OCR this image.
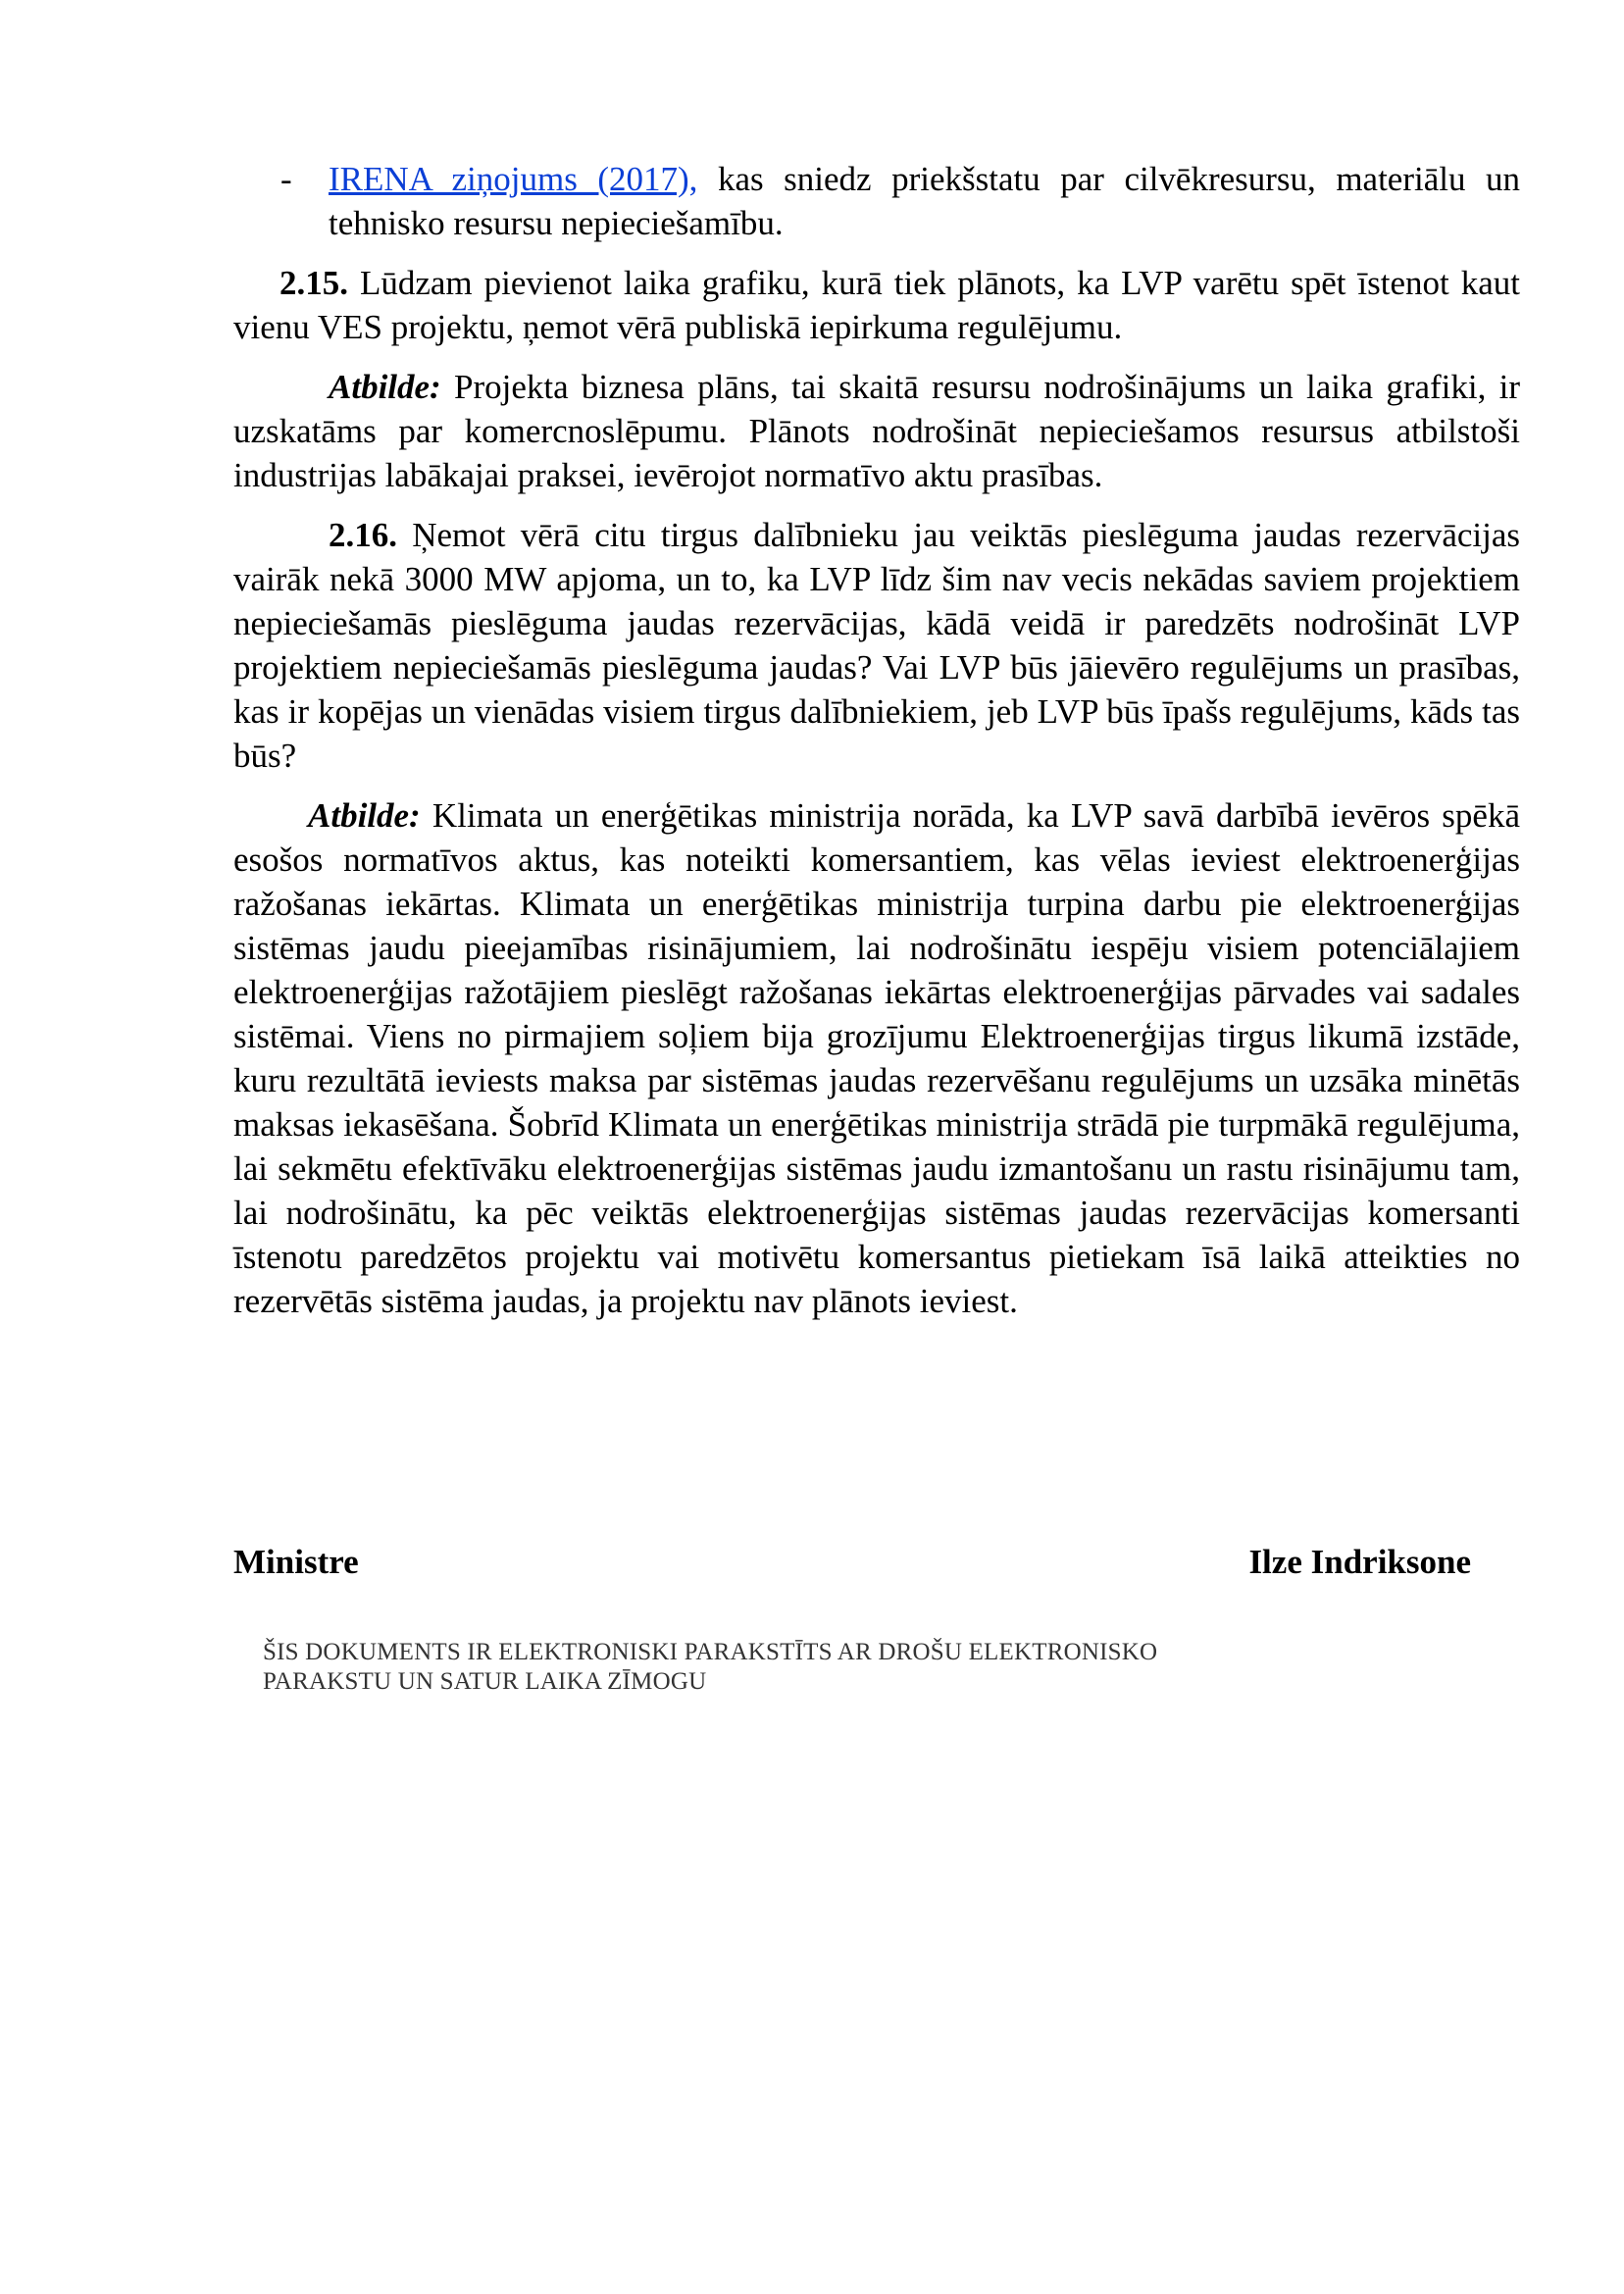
- IRENA ziņojums (2017), kas sniedz priekšstatu par cilvēkresursu, materiālu un tehnisko resursu nepieciešamību.

2.15. Lūdzam pievienot laika grafiku, kurā tiek plānots, ka LVP varētu spēt īstenot kaut vienu VES projektu, ņemot vērā publiskā iepirkuma regulējumu.

Atbilde: Projekta biznesa plāns, tai skaitā resursu nodrošinājums un laika grafiki, ir uzskatāms par komercnoslēpumu. Plānots nodrošināt nepieciešamos resursus atbilstoši industrijas labākajai praksei, ievērojot normatīvo aktu prasības.

2.16. Ņemot vērā citu tirgus dalībnieku jau veiktās pieslēguma jaudas rezervācijas vairāk nekā 3000 MW apjoma, un to, ka LVP līdz šim nav vecis nekādas saviem projektiem nepieciešamās pieslēguma jaudas rezervācijas, kādā veidā ir paredzēts nodrošināt LVP projektiem nepieciešamās pieslēguma jaudas? Vai LVP būs jāievēro regulējums un prasības, kas ir kopējas un vienādas visiem tirgus dalībniekiem, jeb LVP būs īpašs regulējums, kāds tas būs?

Atbilde: Klimata un enerģētikas ministrija norāda, ka LVP savā darbībā ievēros spēkā esošos normatīvos aktus, kas noteikti komersantiem, kas vēlas ieviest elektroenerģijas ražošanas iekārtas. Klimata un enerģētikas ministrija turpina darbu pie elektroenerģijas sistēmas jaudu pieejamības risinājumiem, lai nodrošinātu iespēju visiem potenciālajiem elektroenerģijas ražotājiem pieslēgt ražošanas iekārtas elektroenerģijas pārvades vai sadales sistēmai. Viens no pirmajiem soļiem bija grozījumu Elektroenerģijas tirgus likumā izstāde, kuru rezultātā ieviests maksa par sistēmas jaudas rezervēšanu regulējums un uzsāka minētās maksas iekasēšana. Šobrīd Klimata un enerģētikas ministrija strādā pie turpmākā regulējuma, lai sekmētu efektīvāku elektroenerģijas sistēmas jaudu izmantošanu un rastu risinājumu tam, lai nodrošinātu, ka pēc veiktās elektroenerģijas sistēmas jaudas rezervācijas komersanti īstenotu paredzētos projektu vai motivētu komersantus pietiekam īsā laikā atteikties no rezervētās sistēma jaudas, ja projektu nav plānots ieviest.

Ministre	Ilze Indriksone
ŠIS DOKUMENTS IR ELEKTRONISKI PARAKSTĪTS AR DROŠU ELEKTRONISKO
PARAKSTU UN SATUR LAIKA ZĪMOGU
